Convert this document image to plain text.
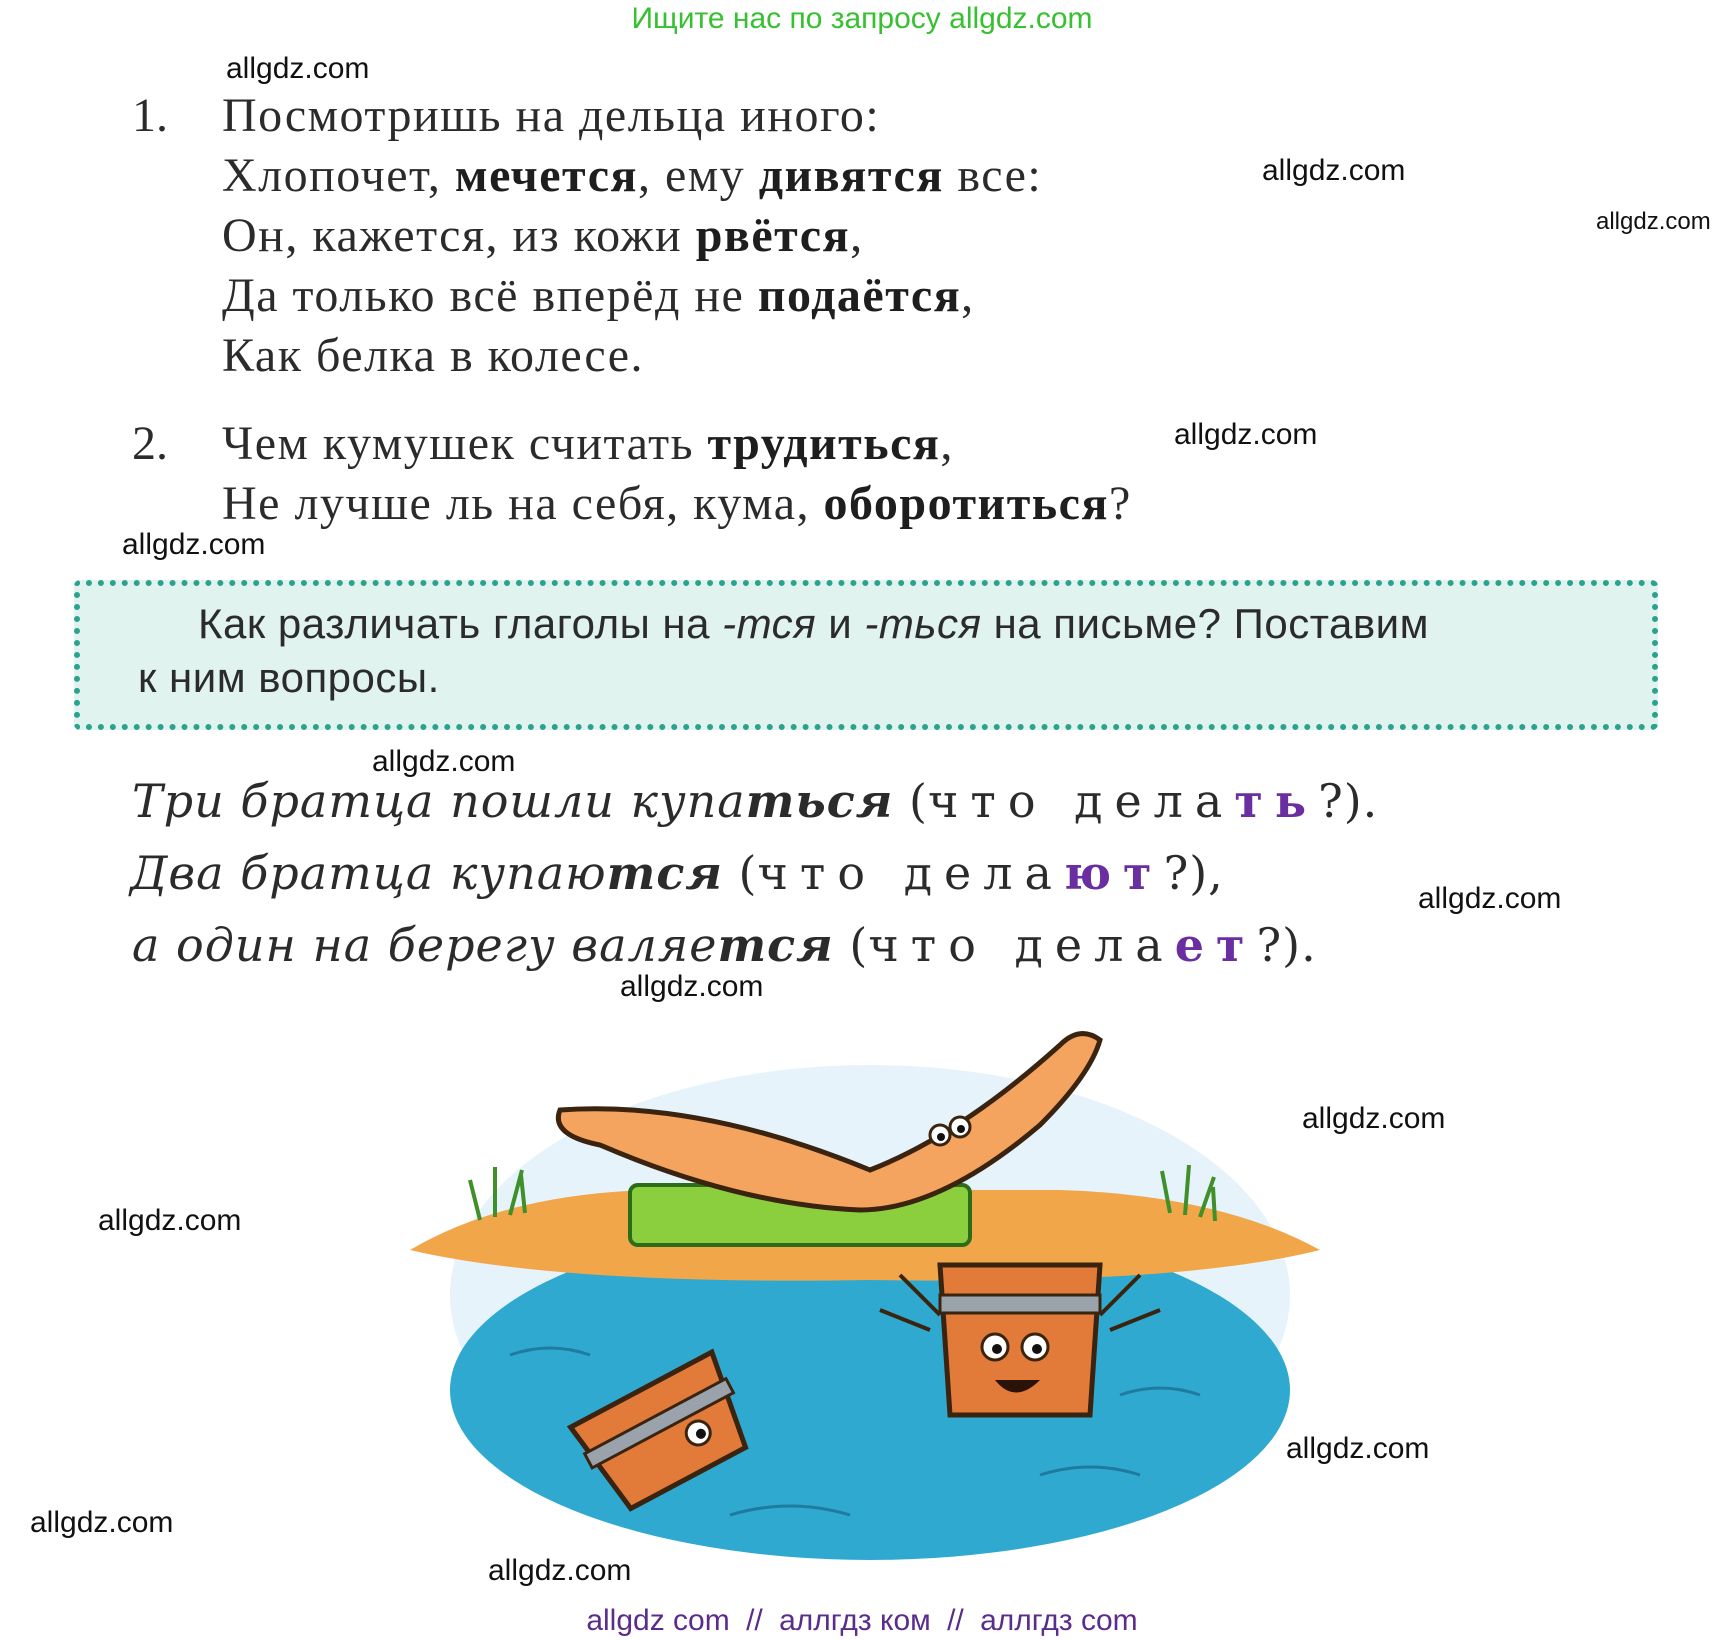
Ищите нас по запросу allgdz.com
allgdz.com
allgdz.com
allgdz.com
allgdz.com
allgdz.com
allgdz.com
allgdz.com
allgdz.com
allgdz.com
allgdz.com
allgdz.com
allgdz.com
allgdz.com
1. Посмотришь на дельца иного:
Хлопочет, мечется, ему дивятся все:
Он, кажется, из кожи рвётся,
Да только всё вперёд не подаётся,
Как белка в колесе.
2. Чем кумушек считать трудиться,
Не лучше ль на себя, кума, оборотиться?
Как различать глаголы на -тся и -ться на письме? Поставим
к ним вопросы.
Три братца пошли купаться (что делать?).
Два братца купаются (что делают?),
а один на берегу валяется (что делает?).
allgdz com // аллгдз ком // аллгдз com
